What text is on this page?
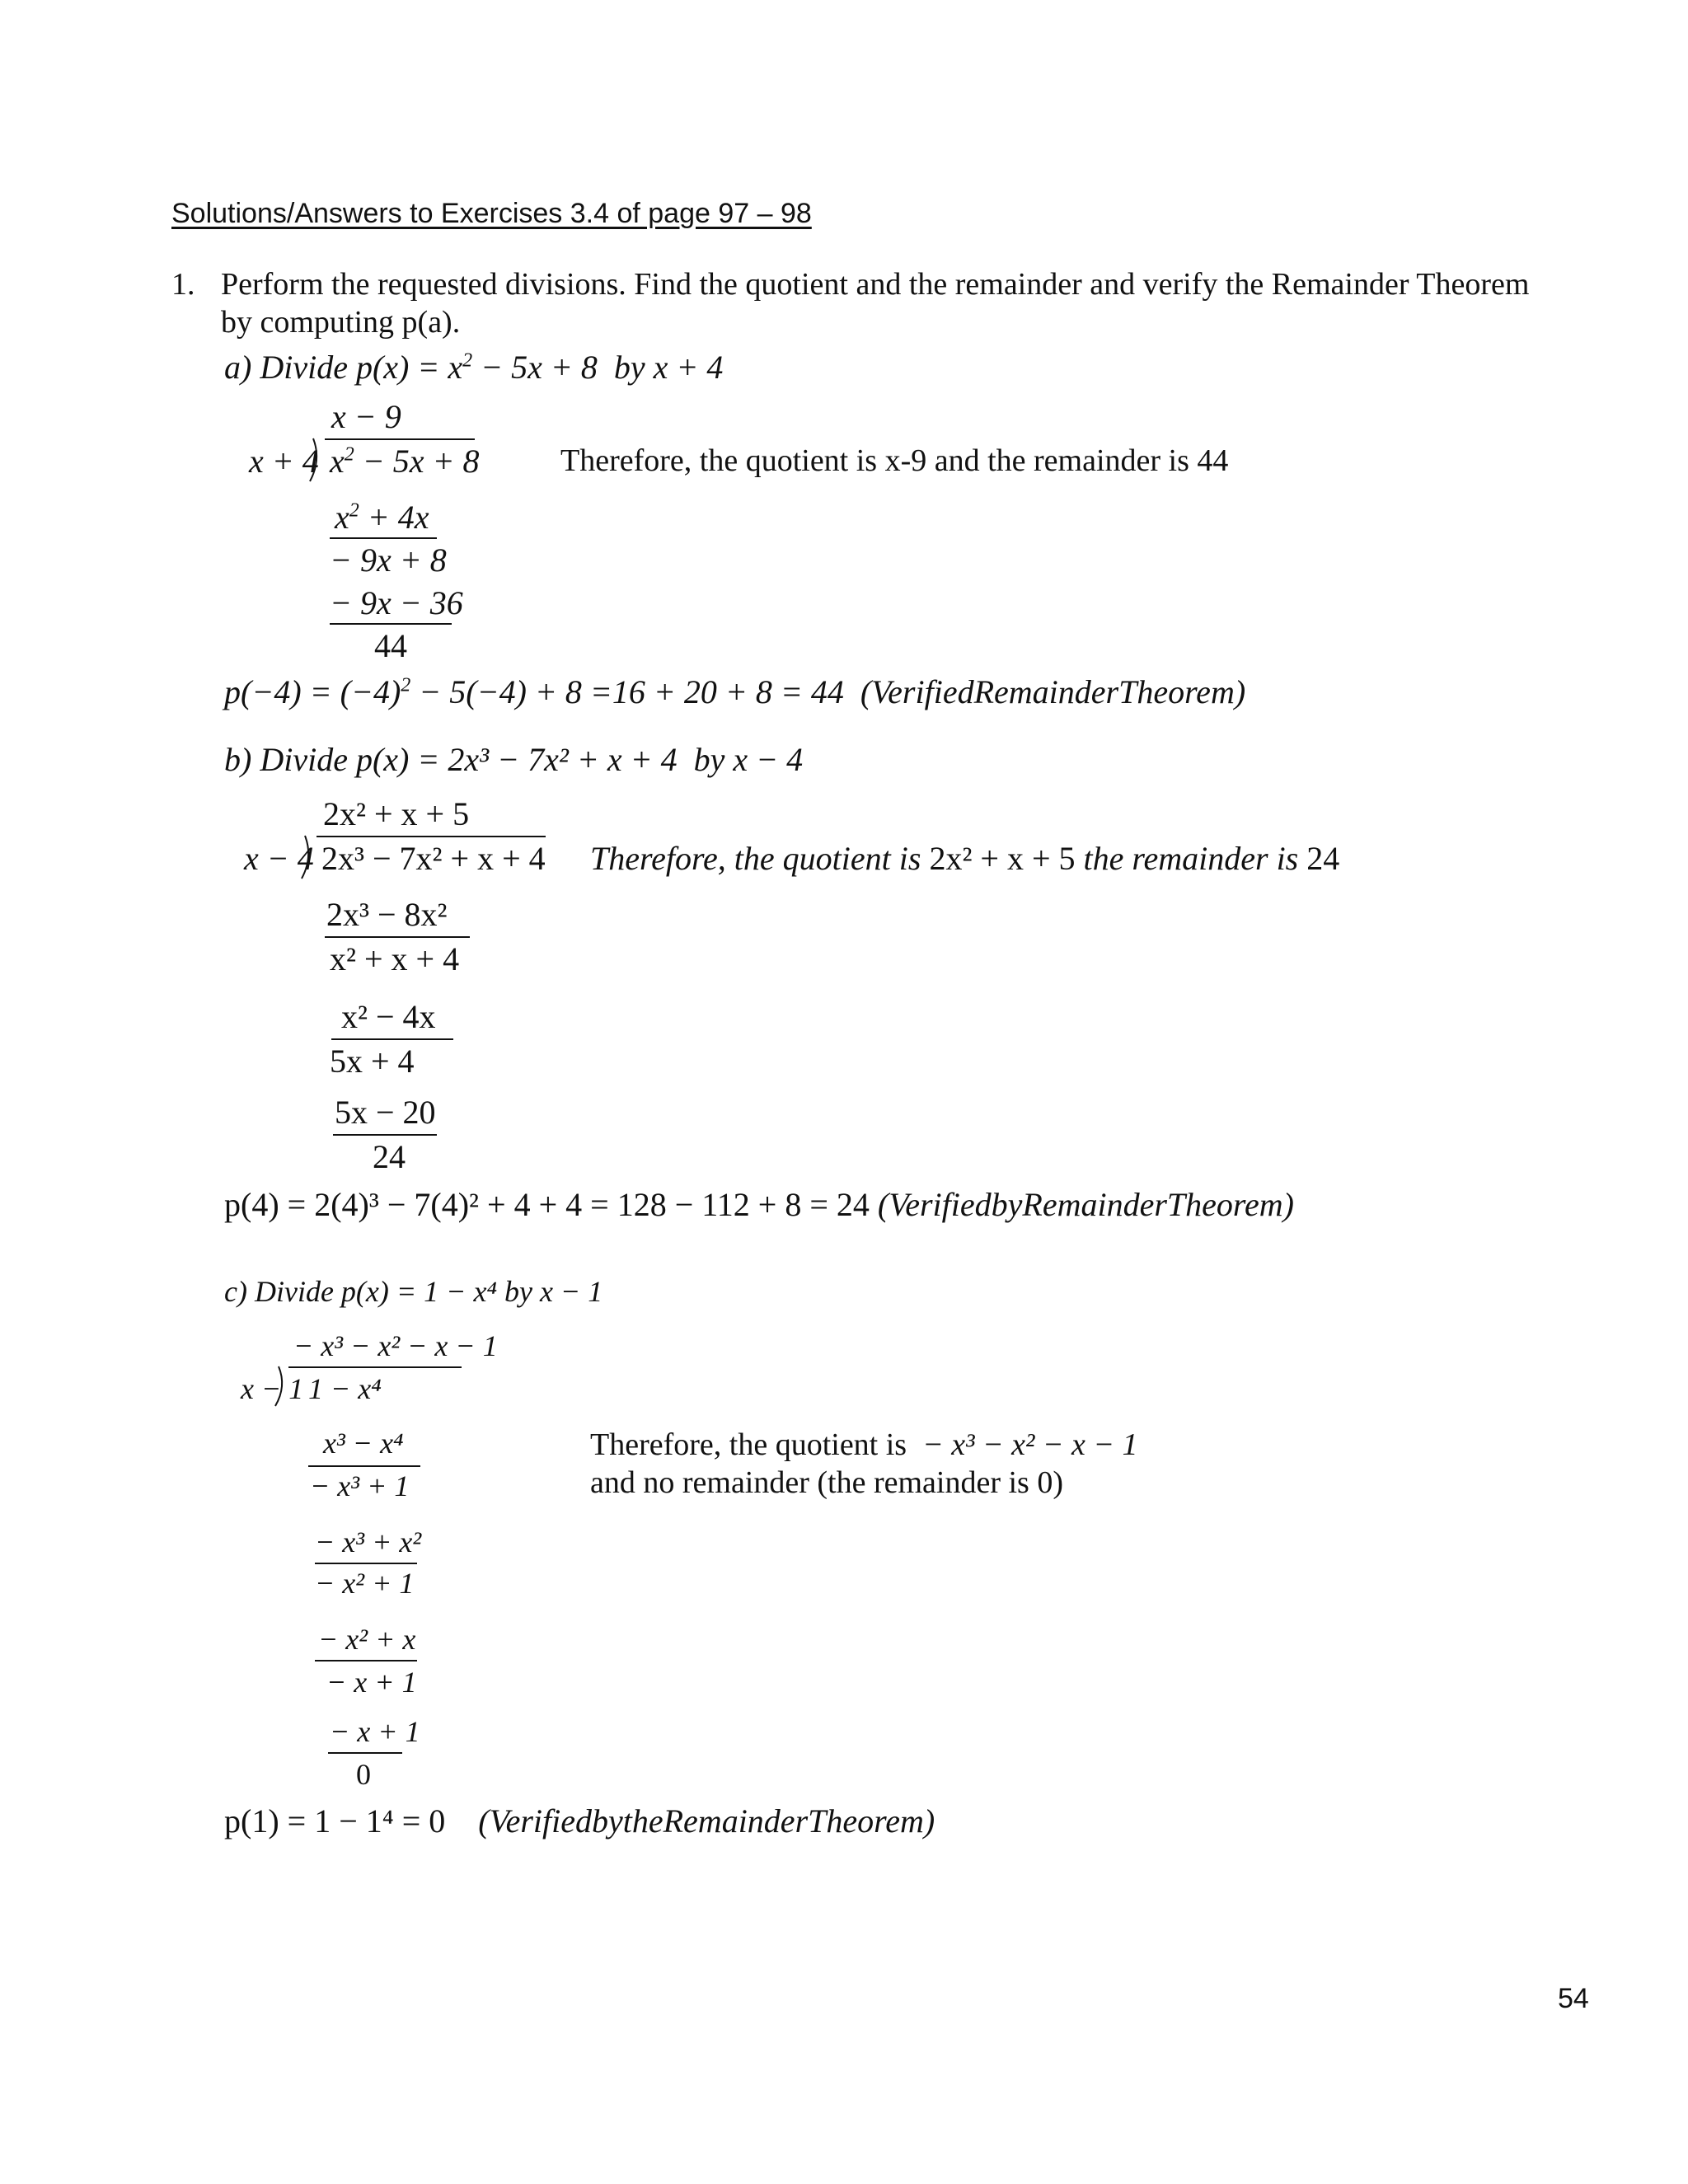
Solutions/Answers to Exercises 3.4 of page 97 – 98
1. Perform the requested divisions. Find the quotient and the remainder and verify the Remainder Theorem
by computing p(a).
a) Divide $p(x) = x^2 - 5x + 8$ by x + 4
x − 9
x + 4 $x^2 - 5x + 8$	Therefore, the quotient is x-9 and the remainder is 44
$x^2 + 4x$
− 9x + 8
− 9x − 36
44
$p(-4) = (-4)^2 - 5(-4) + 8 =16 + 20 + 8 = 44$ (VerifiedRemainderTheorem)
b) Divide p(x) = 2x³ − 7x² + x + 4 by x − 4
2x² + x + 5
x − 4 2x³ − 7x² + x + 4 Therefore, the quotient is 2x² + x + 5 the remainder is 24
2x³ − 8x²
x² + x + 4
x² − 4x
5x + 4
5x − 20
24
p(4) = 2(4)³ − 7(4)² + 4 + 4 = 128 − 112 + 8 = 24 (VerifiedbyRemainderTheorem)
c) Divide p(x) = 1 − x⁴ by x − 1
− x³ − x² − x − 1
x − 1 1 − x⁴
x³ − x⁴	Therefore, the quotient is − x³ − x² − x − 1
and no remainder (the remainder is 0)
− x³ + 1
− x³ + x²
− x² + 1
− x² + x
− x + 1
− x + 1
0
p(1) = 1 − 1⁴ = 0 (VerifiedbytheRemainderTheorem)
54
